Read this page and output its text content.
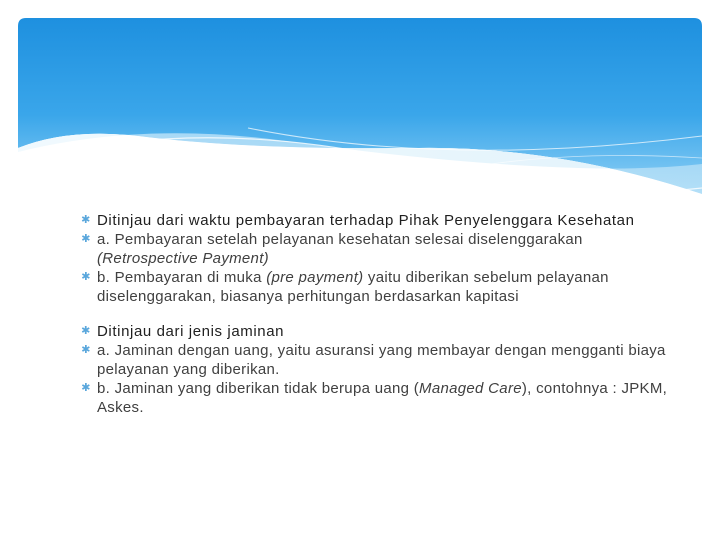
✱ Ditinjau dari waktu pembayaran terhadap Pihak Penyelenggara Kesehatan
✱ a. Pembayaran setelah pelayanan kesehatan selesai diselenggarakan (Retrospective Payment)
✱ b. Pembayaran di muka (pre payment) yaitu diberikan sebelum pelayanan diselenggarakan, biasanya perhitungan berdasarkan kapitasi
✱ Ditinjau dari jenis jaminan
✱ a. Jaminan dengan uang, yaitu asuransi yang membayar dengan mengganti biaya pelayanan yang diberikan.
✱ b. Jaminan yang diberikan tidak berupa uang (Managed Care), contohnya : JPKM, Askes.
